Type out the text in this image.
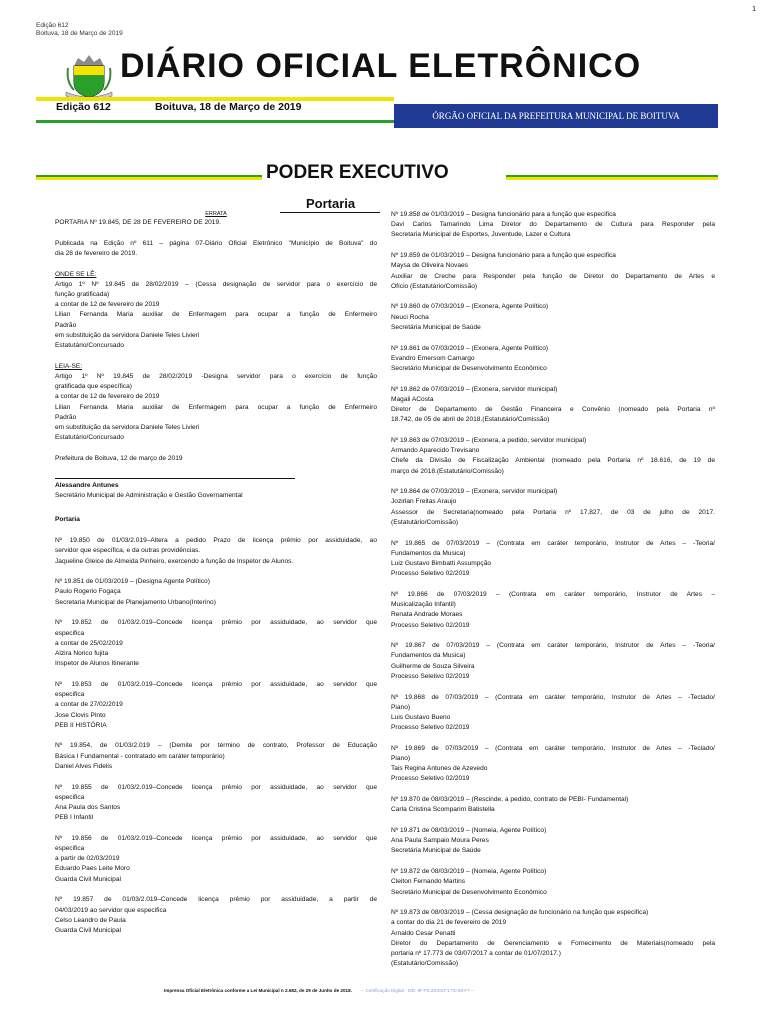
1
Edição 612
Boituva, 18 de Março de 2019
DIÁRIO OFICIAL ELETRÔNICO
Edição 612	Boituva, 18 de Março de 2019
ÓRGÃO OFICIAL DA PREFEITURA MUNICIPAL DE BOITUVA
PODER EXECUTIVO
Portaria
ERRATA
PORTARIA Nº 19.845, DE 28 DE FEVEREIRO DE 2019.
Publicada na Edição nº 611 – página 07-Diário Oficial Eletrônico "Município de Boituva" do
dia 28 de fevereiro de 2019.
ONDE SE LÊ:
Artigo 1º Nº 19.845 de 28/02/2019 – (Cessa designação de servidor para o exercício de
função gratificada)
a contar de 12 de fevereiro de 2019
Lilian Fernanda Maria auxiliar de Enfermagem para ocupar a função de Enfermeiro
Padrão
em substituição da servidora Daniele Teles Livieri
Estatutário/Concursado
LEIA-SE:
Artigo 1º Nº 19.845 de 28/02/2019 -Designa servidor para o exercício de função
gratificada que específica)
a contar de 12 de fevereiro de 2019
Lilian Fernanda Maria auxiliar de Enfermagem para ocupar a função de Enfermeiro
Padrão
em substituição da servidora Daniele Teles Livieri
Estatutário/Concursado
Prefeitura de Boituva, 12 de março de 2019
Alessandre Antunes
Secretário Municipal de Administração e Gestão Governamental
Portaria
Nº 19.850 de 01/03/2.019–Altera a pedido Prazo de licença prêmio por assiduidade, ao
servidor que específica, e da outras providências.
Jaqueline Gleice de Almeida Pinheiro, exercendo a função de Inspetor de Alunos.
Nº 19.851 de 01/03/2019 – (Designa Agente Político)
Paulo Rogerio Fogaça
Secretaria Municipal de Planejamento Urbano(Interino)
Nº 19.852 de 01/03/2.019–Concede licença prêmio por assiduidade, ao servidor que
especifica
a contar de 25/02/2019
Alzira Norico fujita
Inspetor de Alunos Itinerante
Nº 19.853 de 01/03/2.019–Concede licença prêmio por assiduidade, ao servidor que
especifica
a contar de 27/02/2019
Jose Clovis Pinto
PEB II HISTÓRIA
Nº 19.854, de 01/03/2.019 – (Demite por término de contrato, Professor de Educação
Básica I Fundamental - contratado em caráter temporário)
Daniel Alves Fidelis
Nº 19.855 de 01/03/2.019–Concede licença prêmio por assiduidade, ao servidor que
especifica
Ana Paula dos Santos
PEB I Infantil
Nº 19.856 de 01/03/2.019–Concede licença prêmio por assiduidade, ao servidor que
especifica
a partir de 02/03/2019
Eduardo Paes Leite Moro
Guarda Civil Municipal
Nº 19.857 de 01/03/2.019–Concede licença prêmio por assiduidade, a partir de
04/03/2019 ao servidor que especifica
Celso Leandro de Paula
Guarda Civil Municipal
Nº 19.858 de 01/03/2019 – Designa funcionário para a função que especifica
Davi Carlos Tamarindo Lima Diretor do Departamento de Cultura para Responder pela
Secretaria Municipal de Esportes, Juventude, Lazer e Cultura
Nº 19.859 de 01/03/2019 – Designa funcionário para a função que especifica
Maysa de Oliveira Novaes
Auxiliar de Creche para Responder pela função de Diretor do Departamento de Artes e
Ofício (Estatutário/Comissão)
Nº 19.860 de 07/03/2019 – (Exonera, Agente Político)
Neuci Rocha
Secretária Municipal de Saúde
Nº 19.861 de 07/03/2019 – (Exonera, Agente Político)
Evandro Emersom Camargo
Secretário Municipal de Desenvolvimento Econômico
Nº 19.862 de 07/03/2019 – (Exonera, servidor municipal)
Magali ACosta
Diretor de Departamento de Gestão Financeira e Convênio (nomeado pela Portaria nº
18.742, de 05 de abril de 2018.(Estatutário/Comissão)
Nº 19.863 de 07/03/2019 – (Exonera, a pedido, servidor municipal)
Armando Aparecido Trevisano
Chefe da Divisão de Fiscalização Ambiental (nomeado pela Portaria nº 18.616, de 19 de
março de 2018.(Estatutário/Comissão)
Nº 19.864 de 07/03/2019 – (Exonera, servidor municipal)
Jozirlan Freitas Araujo
Assessor de Secretaria(nomeado pela Portaria nº 17.827, de 03 de julho de 2017.
(Estatutário/Comissão)
Nº 19.865 de 07/03/2019 – (Contrata em caráter temporário, Instrutor de Artes – -Teoria/
Fundamentos da Musica)
Luiz Gustavo Bimbatti Assumpção
Processo Seletivo 02/2019
Nº 19.866 de 07/03/2019 – (Contrata em caráter temporário, Instrutor de Artes –
Musicalização Infantil)
Renata Andrade Moraes
Processo Seletivo 02/2019
Nº 19.867 de 07/03/2019 – (Contrata em caráter temporário, Instrutor de Artes – -Teoria/
Fundamentos da Musica)
Guilherme de Souza Silveira
Processo Seletivo 02/2019
Nº 19.868 de 07/03/2019 – (Contrata em caráter temporário, Instrutor de Artes – -Teclado/
Piano)
Luis Gustavo Bueno
Processo Seletivo 02/2019
Nº 19.869 de 07/03/2019 – (Contrata em caráter temporário, Instrutor de Artes – -Teclado/
Piano)
Tais Regina Antunes de Azevedo
Processo Seletivo 02/2019
Nº 19.870 de 08/03/2019 – (Rescinde, a pedido, contrato de PEBI- Fundamental)
Carla Cristina Scomparim Batistella
Nº 19.871 de 08/03/2019 – (Nomeia, Agente Político)
Ana Paula Sampaio Moura Peres
Secretária Municipal de Saúde
Nº 19.872 de 08/03/2019 – (Nomeia, Agente Político)
Cleiton Fernando Martins
Secretário Municipal de Desenvolvimento Econômico
Nº 19.873 de 08/03/2019 – (Cessa designação de funcionário na função que especifica)
a contar do dia 21 de fevereiro de 2019
Arnaldo Cesar Penatti
Diretor do Departamento de Gerenciamento e Fornecimento de Materiais(nomeado pela
portaria nº 17.773 de 03/07/2017 a contar de 01/07/2017.)
(Estatutário/Comissão)
Imprensa Oficial Eletrônica conforme a Lei Municipal n 2.682, de 29 de Junho de 2018. -- Certificação Digital - MD: 9F:F6:28:E8:F1:7D:89:F7 --
